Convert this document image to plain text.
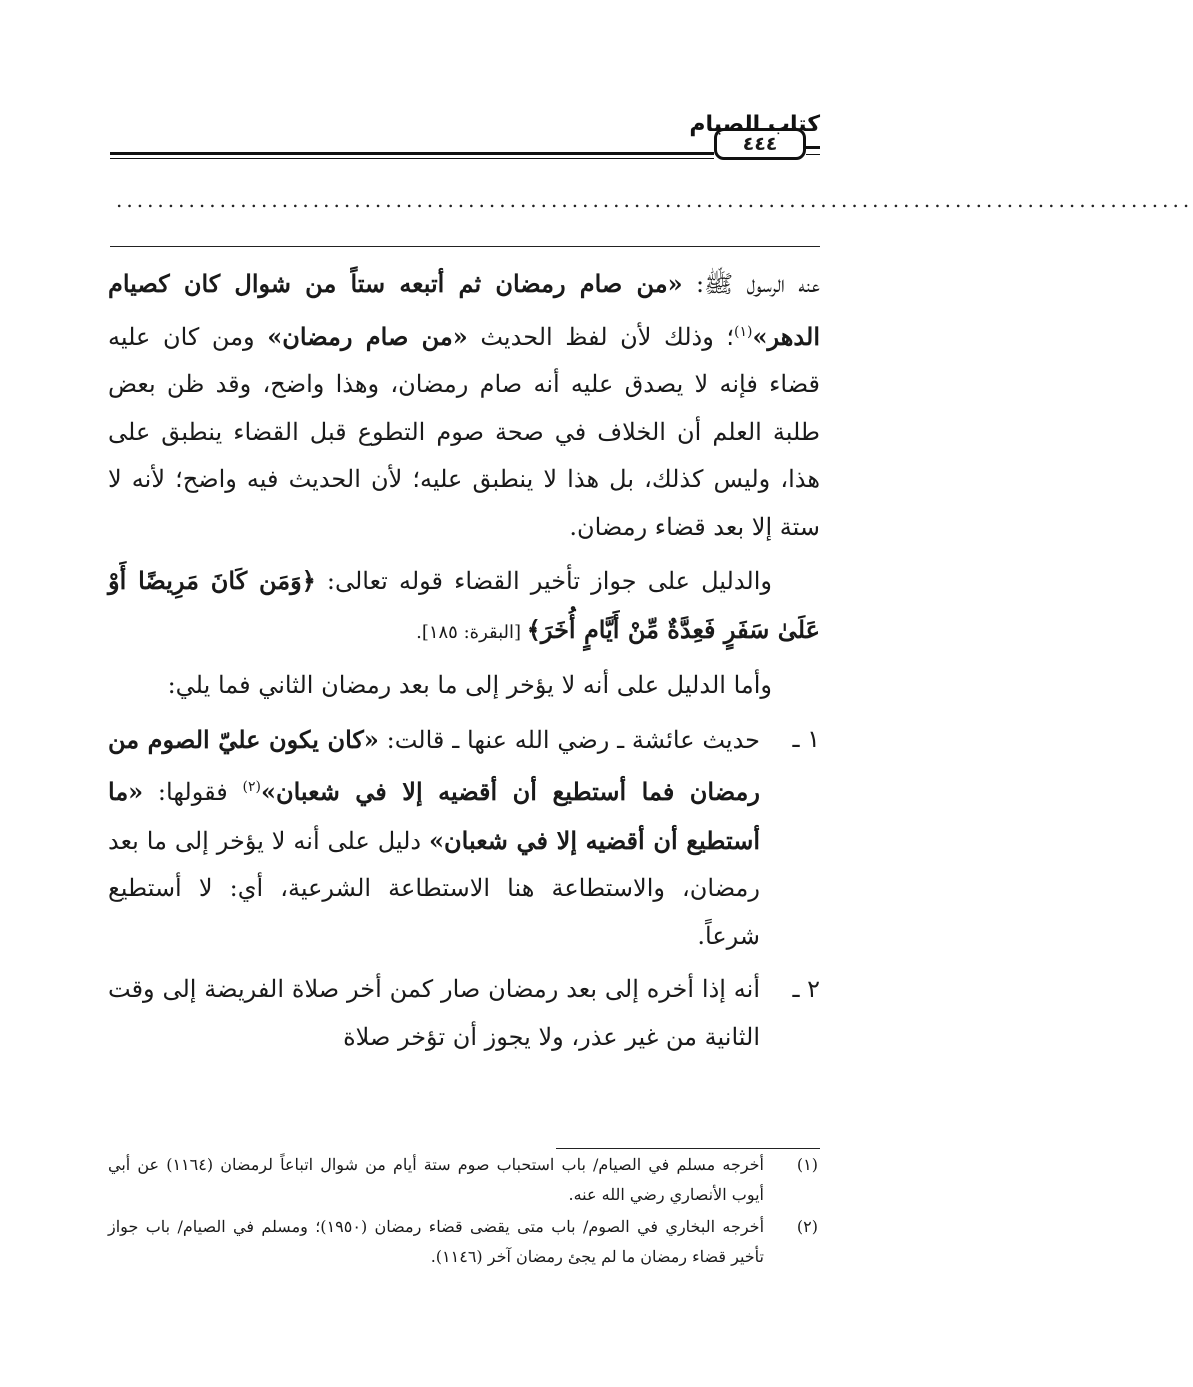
٤٤٤
كتاب الصيام
........................................................................................................

عنه الرسول ﷺ: «من صام رمضان ثم أتبعه ستاً من شوال كان كصيام الدهر»$^{(١)}$؛ وذلك لأن لفظ الحديث «من صام رمضان» ومن كان عليه قضاء فإنه لا يصدق عليه أنه صام رمضان، وهذا واضح، وقد ظن بعض طلبة العلم أن الخلاف في صحة صوم التطوع قبل القضاء ينطبق على هذا، وليس كذلك، بل هذا لا ينطبق عليه؛ لأن الحديث فيه واضح؛ لأنه لا ستة إلا بعد قضاء رمضان.

والدليل على جواز تأخير القضاء قوله تعالى: ﴿وَمَن كَانَ مَرِيضًا أَوْ عَلَىٰ سَفَرٍ فَعِدَّةٌ مِّنْ أَيَّامٍ أُخَرَ﴾ [البقرة: ١٨٥].

وأما الدليل على أنه لا يؤخر إلى ما بعد رمضان الثاني فما يلي:

١ ـ
حديث عائشة ـ رضي الله عنها ـ قالت: «كان يكون عليّ الصوم من رمضان فما أستطيع أن أقضيه إلا في شعبان»$^{(٢)}$ فقولها: «ما أستطيع أن أقضيه إلا في شعبان» دليل على أنه لا يؤخر إلى ما بعد رمضان، والاستطاعة هنا الاستطاعة الشرعية، أي: لا أستطيع شرعاً.

٢ ـ
أنه إذا أخره إلى بعد رمضان صار كمن أخر صلاة الفريضة إلى وقت الثانية من غير عذر، ولا يجوز أن تؤخر صلاة

(١)
أخرجه مسلم في الصيام/ باب استحباب صوم ستة أيام من شوال اتباعاً لرمضان (١١٦٤) عن أبي أيوب الأنصاري رضي الله عنه.
(٢)
أخرجه البخاري في الصوم/ باب متى يقضى قضاء رمضان (١٩٥٠)؛ ومسلم في الصيام/ باب جواز تأخير قضاء رمضان ما لم يجئ رمضان آخر (١١٤٦).
